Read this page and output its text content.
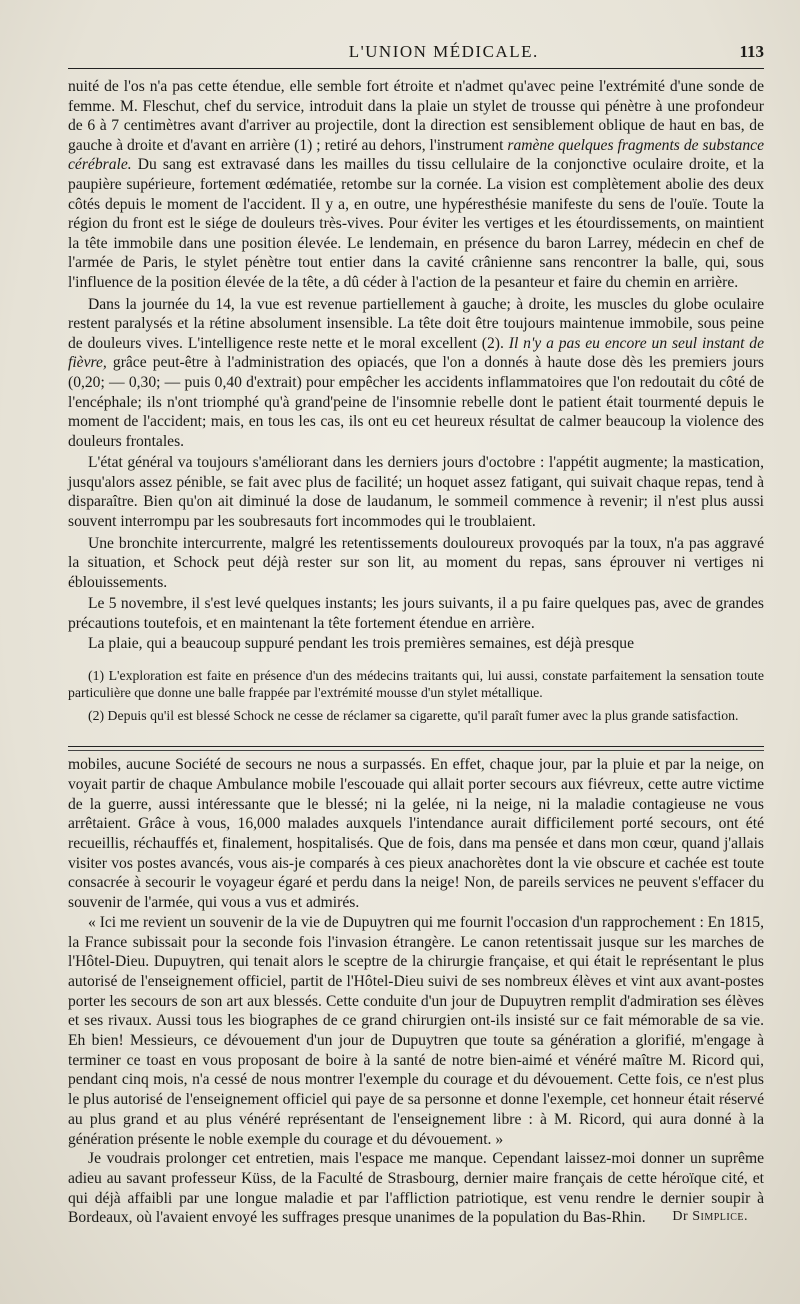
L'UNION MÉDICALE.	113

nuité de l'os n'a pas cette étendue, elle semble fort étroite et n'admet qu'avec peine l'extrémité d'une sonde de femme. M. Fleschut, chef du service, introduit dans la plaie un stylet de trousse qui pénètre à une profondeur de 6 à 7 centimètres avant d'arriver au projectile, dont la direction est sensiblement oblique de haut en bas, de gauche à droite et d'avant en arrière (1) ; retiré au dehors, l'instrument ramène quelques fragments de substance cérébrale. Du sang est extravasé dans les mailles du tissu cellulaire de la conjonctive oculaire droite, et la paupière supérieure, fortement œdématiée, retombe sur la cornée. La vision est complètement abolie des deux côtés depuis le moment de l'accident. Il y a, en outre, une hypéresthésie manifeste du sens de l'ouïe. Toute la région du front est le siége de douleurs très-vives. Pour éviter les vertiges et les étourdissements, on maintient la tête immobile dans une position élevée. Le lendemain, en présence du baron Larrey, médecin en chef de l'armée de Paris, le stylet pénètre tout entier dans la cavité crânienne sans rencontrer la balle, qui, sous l'influence de la position élevée de la tête, a dû céder à l'action de la pesanteur et faire du chemin en arrière.

Dans la journée du 14, la vue est revenue partiellement à gauche; à droite, les muscles du globe oculaire restent paralysés et la rétine absolument insensible. La tête doit être toujours maintenue immobile, sous peine de douleurs vives. L'intelligence reste nette et le moral excellent (2). Il n'y a pas eu encore un seul instant de fièvre, grâce peut-être à l'administration des opiacés, que l'on a donnés à haute dose dès les premiers jours (0,20; — 0,30; — puis 0,40 d'extrait) pour empêcher les accidents inflammatoires que l'on redoutait du côté de l'encéphale; ils n'ont triomphé qu'à grand'peine de l'insomnie rebelle dont le patient était tourmenté depuis le moment de l'accident; mais, en tous les cas, ils ont eu cet heureux résultat de calmer beaucoup la violence des douleurs frontales.

L'état général va toujours s'améliorant dans les derniers jours d'octobre : l'appétit augmente; la mastication, jusqu'alors assez pénible, se fait avec plus de facilité; un hoquet assez fatigant, qui suivait chaque repas, tend à disparaître. Bien qu'on ait diminué la dose de laudanum, le sommeil commence à revenir; il n'est plus aussi souvent interrompu par les soubresauts fort incommodes qui le troublaient.

Une bronchite intercurrente, malgré les retentissements douloureux provoqués par la toux, n'a pas aggravé la situation, et Schock peut déjà rester sur son lit, au moment du repas, sans éprouver ni vertiges ni éblouissements.

Le 5 novembre, il s'est levé quelques instants; les jours suivants, il a pu faire quelques pas, avec de grandes précautions toutefois, et en maintenant la tête fortement étendue en arrière.

La plaie, qui a beaucoup suppuré pendant les trois premières semaines, est déjà presque

(1) L'exploration est faite en présence d'un des médecins traitants qui, lui aussi, constate parfaitement la sensation toute particulière que donne une balle frappée par l'extrémité mousse d'un stylet métallique.

(2) Depuis qu'il est blessé Schock ne cesse de réclamer sa cigarette, qu'il paraît fumer avec la plus grande satisfaction.

mobiles, aucune Société de secours ne nous a surpassés. En effet, chaque jour, par la pluie et par la neige, on voyait partir de chaque Ambulance mobile l'escouade qui allait porter secours aux fiévreux, cette autre victime de la guerre, aussi intéressante que le blessé; ni la gelée, ni la neige, ni la maladie contagieuse ne vous arrêtaient. Grâce à vous, 16,000 malades auxquels l'intendance aurait difficilement porté secours, ont été recueillis, réchauffés et, finalement, hospitalisés. Que de fois, dans ma pensée et dans mon cœur, quand j'allais visiter vos postes avancés, vous ais-je comparés à ces pieux anachorètes dont la vie obscure et cachée est toute consacrée à secourir le voyageur égaré et perdu dans la neige! Non, de pareils services ne peuvent s'effacer du souvenir de l'armée, qui vous a vus et admirés.

« Ici me revient un souvenir de la vie de Dupuytren qui me fournit l'occasion d'un rapprochement : En 1815, la France subissait pour la seconde fois l'invasion étrangère. Le canon retentissait jusque sur les marches de l'Hôtel-Dieu. Dupuytren, qui tenait alors le sceptre de la chirurgie française, et qui était le représentant le plus autorisé de l'enseignement officiel, partit de l'Hôtel-Dieu suivi de ses nombreux élèves et vint aux avant-postes porter les secours de son art aux blessés. Cette conduite d'un jour de Dupuytren remplit d'admiration ses élèves et ses rivaux. Aussi tous les biographes de ce grand chirurgien ont-ils insisté sur ce fait mémorable de sa vie. Eh bien! Messieurs, ce dévouement d'un jour de Dupuytren que toute sa génération a glorifié, m'engage à terminer ce toast en vous proposant de boire à la santé de notre bien-aimé et vénéré maître M. Ricord qui, pendant cinq mois, n'a cessé de nous montrer l'exemple du courage et du dévouement. Cette fois, ce n'est plus le plus autorisé de l'enseignement officiel qui paye de sa personne et donne l'exemple, cet honneur était réservé au plus grand et au plus vénéré représentant de l'enseignement libre : à M. Ricord, qui aura donné à la génération présente le noble exemple du courage et du dévouement. »

Je voudrais prolonger cet entretien, mais l'espace me manque. Cependant laissez-moi donner un suprême adieu au savant professeur Küss, de la Faculté de Strasbourg, dernier maire français de cette héroïque cité, et qui déjà affaibli par une longue maladie et par l'affliction patriotique, est venu rendre le dernier soupir à Bordeaux, où l'avaient envoyé les suffrages presque unanimes de la population du Bas-Rhin.	Dr Simplice.
